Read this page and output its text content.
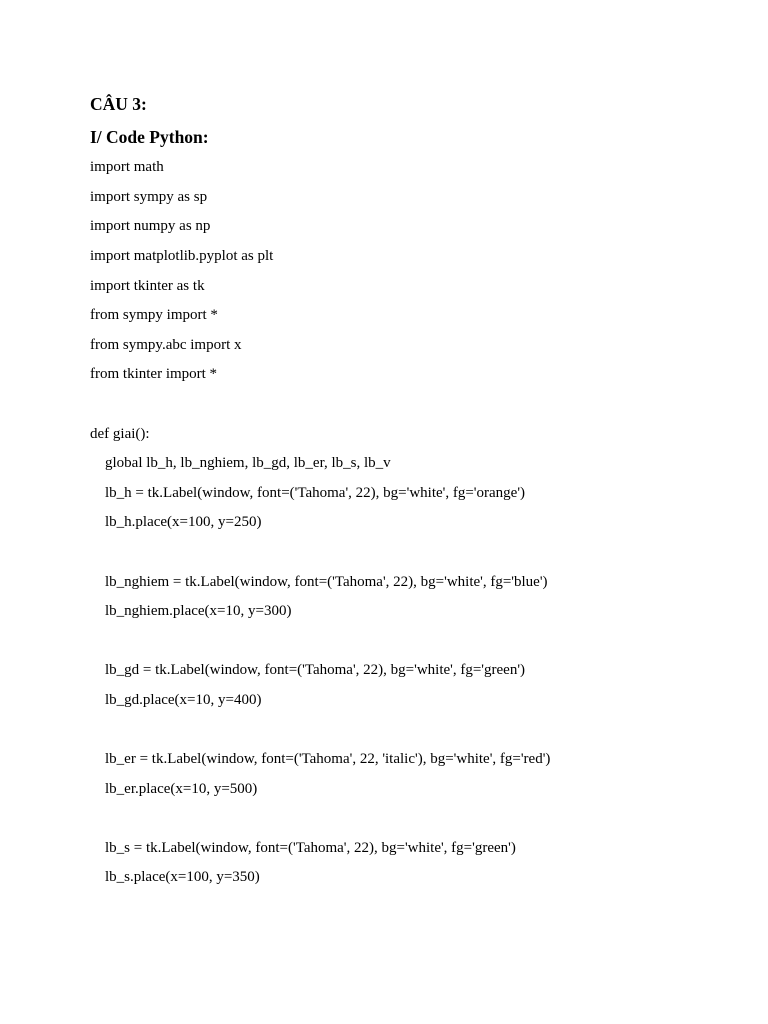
CÂU 3:
I/ Code Python:
import math
import sympy as sp
import numpy as np
import matplotlib.pyplot as plt
import tkinter as tk
from sympy import *
from sympy.abc import x
from tkinter import *
def giai():
global lb_h, lb_nghiem, lb_gd, lb_er, lb_s, lb_v
lb_h = tk.Label(window, font=('Tahoma', 22), bg='white', fg='orange')
lb_h.place(x=100, y=250)
lb_nghiem = tk.Label(window, font=('Tahoma', 22), bg='white', fg='blue')
lb_nghiem.place(x=10, y=300)
lb_gd = tk.Label(window, font=('Tahoma', 22), bg='white', fg='green')
lb_gd.place(x=10, y=400)
lb_er = tk.Label(window, font=('Tahoma', 22, 'italic'), bg='white', fg='red')
lb_er.place(x=10, y=500)
lb_s = tk.Label(window, font=('Tahoma', 22), bg='white', fg='green')
lb_s.place(x=100, y=350)
